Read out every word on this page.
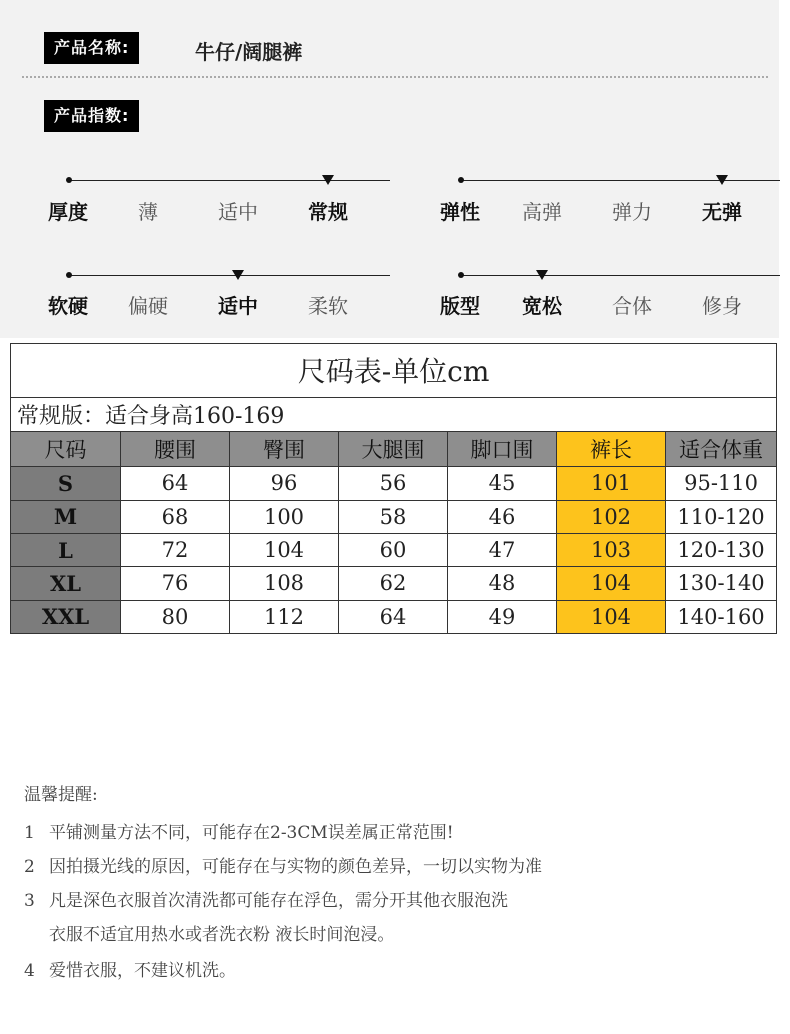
产品名称:	牛仔/阔腿裤
产品指数:
厚度	薄	适中	常规	弹性 高弹	弹力	无弹
软硬 偏硬	适中	柔软	版型 宽松	合体	修身
尺码表-单位cm						
常规版：适合身高160-169						
尺码	腰围	臀围	大腿围	脚口围	裤长	适合体重
S	64	96	56	45	101	95-110
M	68	100	58	46	102	110-120
L	72	104	60	47	103	120-130
XL	76	108	62	48	104	130-140
XXL	80	112	64	49	104	140-160
温馨提醒:
1 平铺测量方法不同，可能存在2-3CM误差属正常范围!
2 因拍摄光线的原因，可能存在与实物的颜色差异，一切以实物为准
3 凡是深色衣服首次清洗都可能存在浮色，需分开其他衣服泡洗
衣服不适宜用热水或者洗衣粉 液长时间泡浸。
4 爱惜衣服，不建议机洗。
